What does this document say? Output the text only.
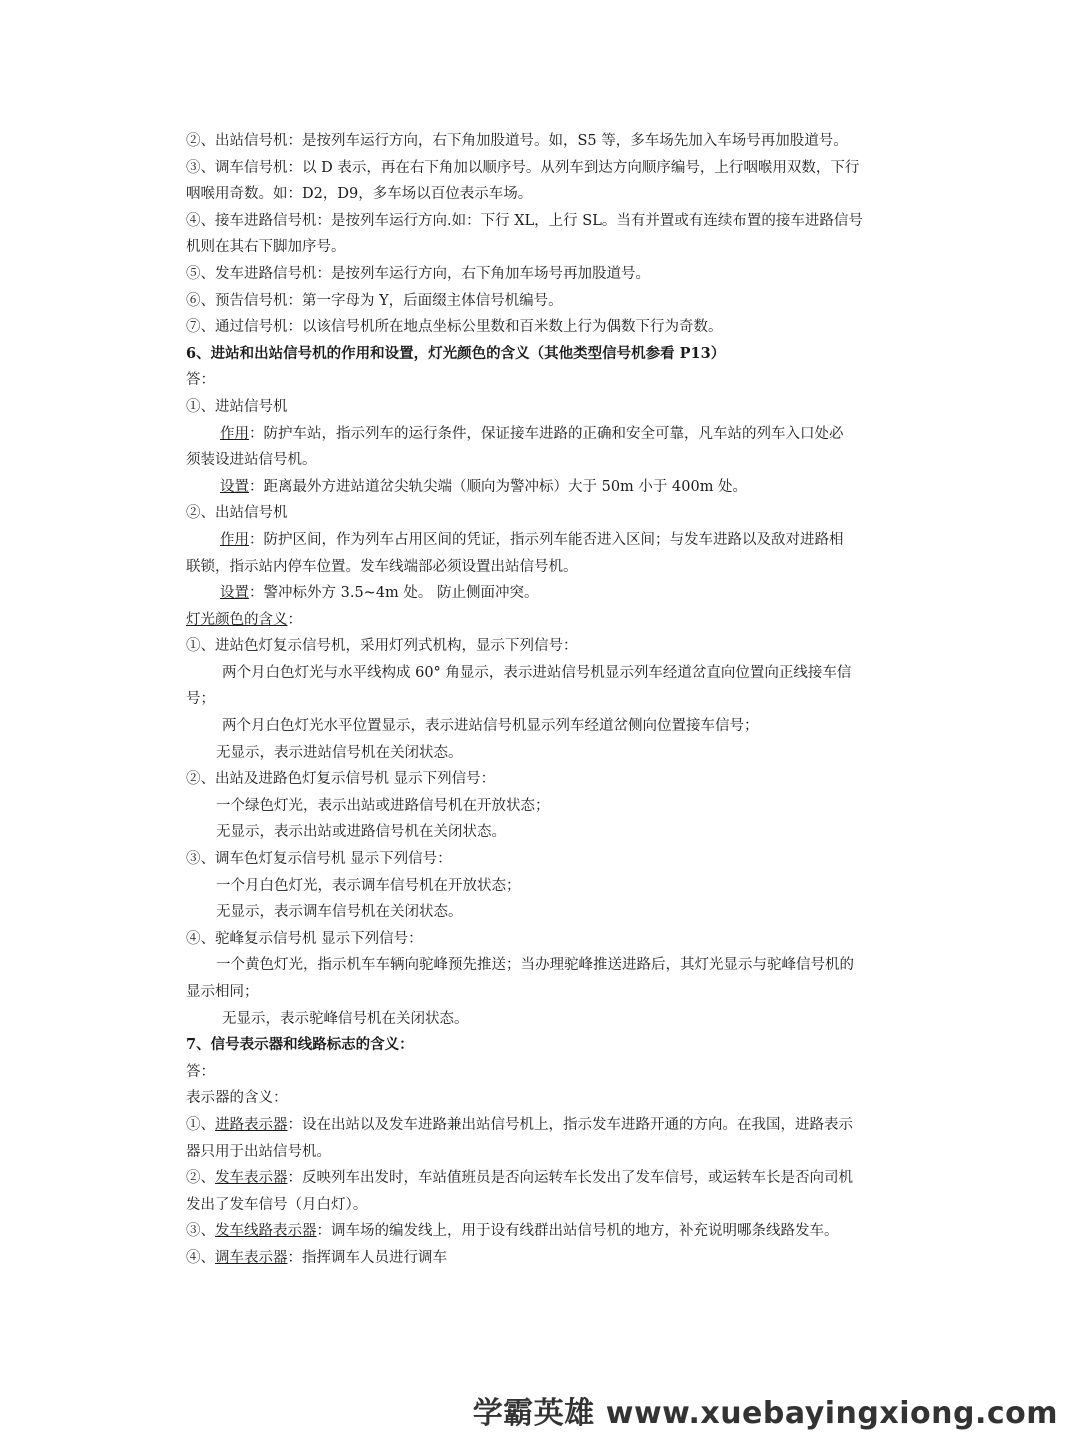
②、出站信号机：是按列车运行方向，右下角加股道号。如，S5 等，多车场先加入车场号再加股道号。
③、调车信号机：以 D 表示，再在右下角加以顺序号。从列车到达方向顺序编号，上行咽喉用双数，下行
咽喉用奇数。如：D2，D9，多车场以百位表示车场。
④、接车进路信号机：是按列车运行方向.如：下行 XL，上行 SL。当有并置或有连续布置的接车进路信号
机则在其右下脚加序号。
⑤、发车进路信号机：是按列车运行方向，右下角加车场号再加股道号。
⑥、预告信号机：第一字母为 Y，后面缀主体信号机编号。
⑦、通过信号机：以该信号机所在地点坐标公里数和百米数上行为偶数下行为奇数。
6、进站和出站信号机的作用和设置，灯光颜色的含义（其他类型信号机参看 P13）
答：
①、进站信号机
作用：防护车站，指示列车的运行条件，保证接车进路的正确和安全可靠，凡车站的列车入口处必
须装设进站信号机。
设置：距离最外方进站道岔尖轨尖端（顺向为警冲标）大于 50m 小于 400m 处。
②、出站信号机
作用：防护区间，作为列车占用区间的凭证，指示列车能否进入区间；与发车进路以及敌对进路相
联锁，指示站内停车位置。发车线端部必须设置出站信号机。
设置：警冲标外方 3.5~4m 处。 防止侧面冲突。
灯光颜色的含义：
①、进站色灯复示信号机，采用灯列式机构，显示下列信号：
两个月白色灯光与水平线构成 60° 角显示，表示进站信号机显示列车经道岔直向位置向正线接车信
号；
两个月白色灯光水平位置显示，表示进站信号机显示列车经道岔侧向位置接车信号；
无显示，表示进站信号机在关闭状态。
②、出站及进路色灯复示信号机 显示下列信号：
一个绿色灯光，表示出站或进路信号机在开放状态；
无显示，表示出站或进路信号机在关闭状态。
③、调车色灯复示信号机 显示下列信号：
一个月白色灯光，表示调车信号机在开放状态；
无显示，表示调车信号机在关闭状态。
④、驼峰复示信号机 显示下列信号：
一个黄色灯光，指示机车车辆向驼峰预先推送；当办理驼峰推送进路后，其灯光显示与驼峰信号机的
显示相同；
无显示，表示驼峰信号机在关闭状态。
7、信号表示器和线路标志的含义：
答：
表示器的含义：
①、进路表示器：设在出站以及发车进路兼出站信号机上，指示发车进路开通的方向。在我国，进路表示
器只用于出站信号机。
②、发车表示器：反映列车出发时，车站值班员是否向运转车长发出了发车信号，或运转车长是否向司机
发出了发车信号（月白灯）。
③、发车线路表示器：调车场的编发线上，用于设有线群出站信号机的地方，补充说明哪条线路发车。
④、调车表示器：指挥调车人员进行调车
学霸英雄 www.xuebayingxiong.com
